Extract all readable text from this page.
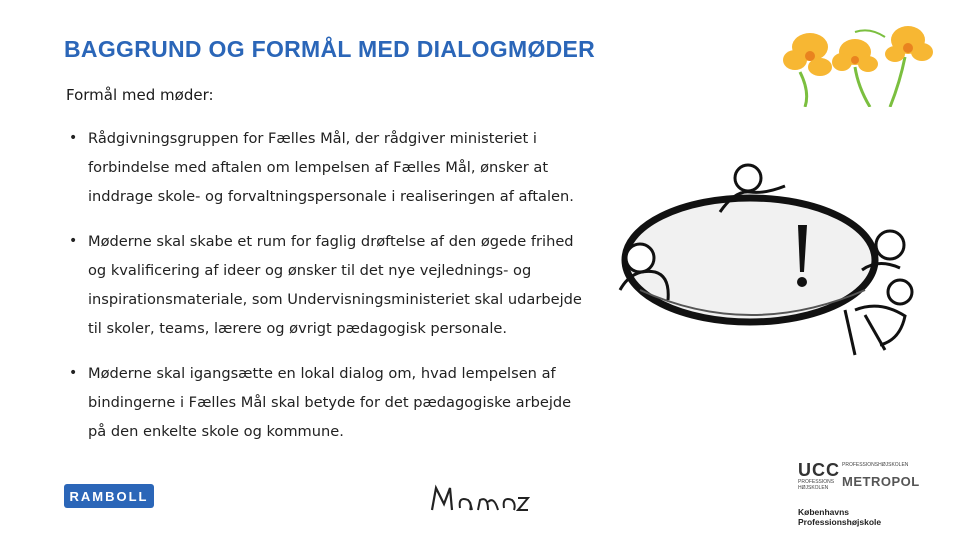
BAGGRUND OG FORMÅL MED DIALOGMØDER
Formål med møder:
• Rådgivningsgruppen for Fælles Mål, der rådgiver ministeriet i forbindelse med aftalen om lempelsen af Fælles Mål, ønsker at inddrage skole- og forvaltningspersonale i realiseringen af aftalen.
• Møderne skal skabe et rum for faglig drøftelse af den øgede frihed og kvalificering af ideer og ønsker til det nye vejlednings- og inspirationsmateriale, som Undervisningsministeriet skal udarbejde til skoler, teams, lærere og øvrigt pædagogisk personale.
• Møderne skal igangsætte en lokal dialog om, hvad lempelsen af bindingerne i Fælles Mål skal betyde for det pædagogiske arbejde på den enkelte skole og kommune.
RAMBOLL
UCC
PROFESSIONS HØJSKOLEN
PROFESSIONSHØJSKOLEN
METROPOL
Københavns
Professionshøjskole
